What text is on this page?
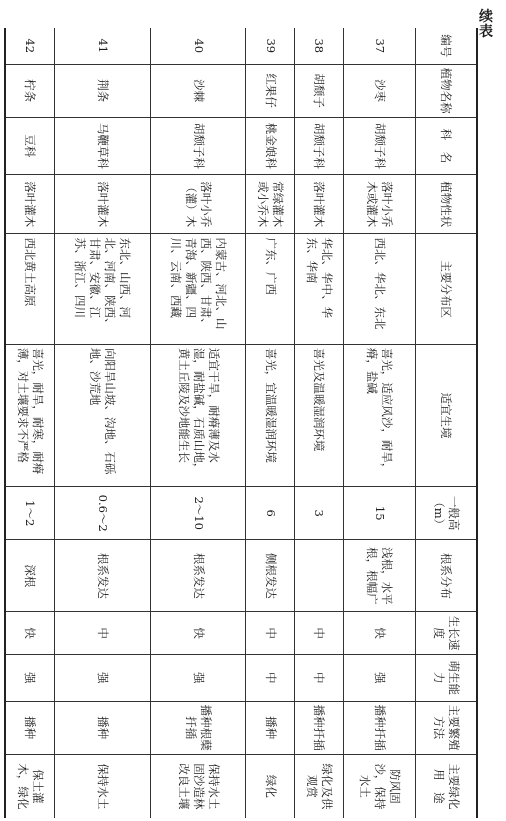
续表
编号	植物名称	科　名	植物性状	主要分布区	适宜生境	一般高（m）	根系分布	生长速度	萌生能力	主要繁殖方法	主要绿化用　途
37	沙枣	胡颓子科	落叶小乔木或灌木	西北、华北、东北	喜光，适应风沙，耐旱，瘠，盐碱	15	浅根，水平根，根幅广	快	强	播种扦插	防风固沙，保持水土
38	胡颓子	胡颓子科	落叶灌木	华北、华中、华东、华南	喜光及温暖湿润环境	3		中	中	播种扦插	绿化及供观赏
39	红果仔	桃金娘科	常绿灌木或小乔木	广东、广西	喜光，宜温暖湿润环境	6	侧根发达	中	中	播种	绿化
40	沙棘	胡颓子科	落叶小乔（灌）木	内蒙古、河北、山西、陕西、甘肃、青海、新疆、四川、云南、西藏	适宜干旱，耐瘠薄及水湿，耐盐碱，石质山地，黄土丘陵及沙地能生长	2～10	根系发达	快	强	播种根蘖扦插	保持水土固沙造林改良土壤
41	荆条	马鞭草科	落叶灌木	东北、山西、河北、河南、陕西、甘肃、安徽、江苏、浙江、四川	向阳旱山坡、沟地、石砾地、沙荒地	0.6～2	根系发达	中	强	播种	保持水土
42	柠条	豆科	落叶灌木	西北黄土高原	喜光，耐旱，耐寒，耐瘠薄，对土壤要求不严格	1～2	深根	快	强	播种	保土灌木，绿化
